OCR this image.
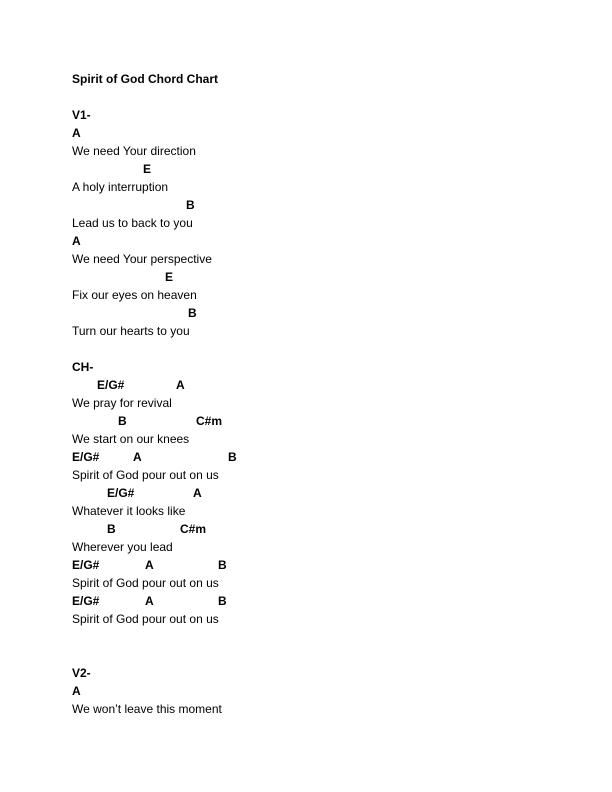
Spirit of God Chord Chart
V1-
A
We need Your direction
E
A holy interruption
B
Lead us to back to you
A
We need Your perspective
E
Fix our eyes on heaven
B
Turn our hearts to you
CH-

E/G#

	A

We pray for revival

B

	C#m

We start on our knees

E/G#

	A

	B

Spirit of God pour out on us

E/G#

	A

Whatever it looks like

B

	C#m

Wherever you lead

E/G#

	A

	B

Spirit of God pour out on us

E/G#

	A

	B

Spirit of God pour out on us
V2-
A
We won’t leave this moment
